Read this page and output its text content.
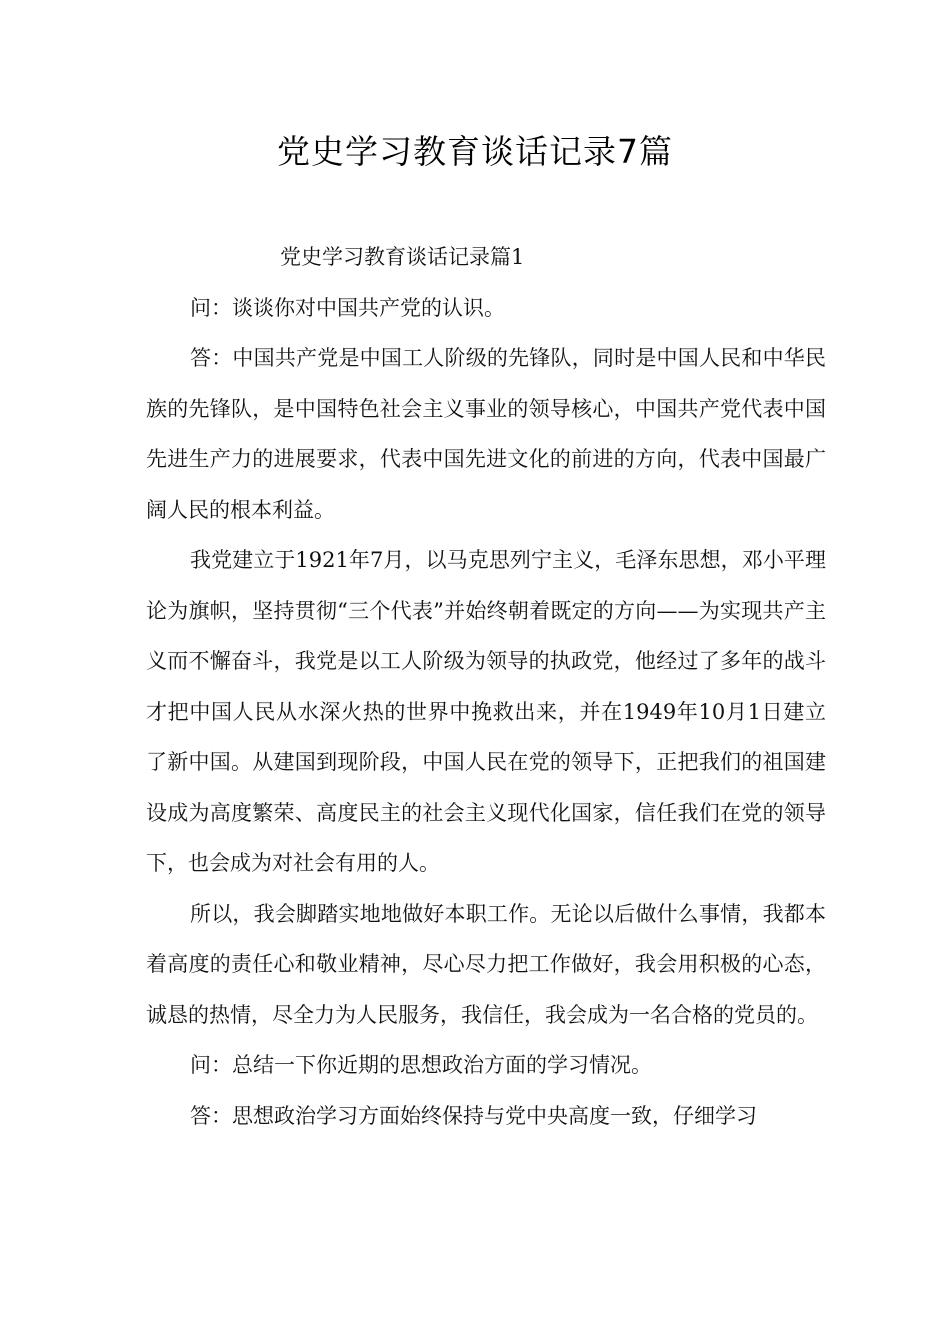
党史学习教育谈话记录7篇

党史学习教育谈话记录篇1

问：谈谈你对中国共产党的认识。

答：中国共产党是中国工人阶级的先锋队，同时是中国人民和中华民族的先锋队，是中国特色社会主义事业的领导核心，中国共产党代表中国先进生产力的进展要求，代表中国先进文化的前进的方向，代表中国最广阔人民的根本利益。

我党建立于1921年7月，以马克思列宁主义，毛泽东思想，邓小平理论为旗帜，坚持贯彻“三个代表”并始终朝着既定的方向——为实现共产主义而不懈奋斗，我党是以工人阶级为领导的执政党，他经过了多年的战斗才把中国人民从水深火热的世界中挽救出来，并在1949年10月1日建立了新中国。从建国到现阶段，中国人民在党的领导下，正把我们的祖国建设成为高度繁荣、高度民主的社会主义现代化国家，信任我们在党的领导下，也会成为对社会有用的人。

所以，我会脚踏实地地做好本职工作。无论以后做什么事情，我都本着高度的责任心和敬业精神，尽心尽力把工作做好，我会用积极的心态，诚恳的热情，尽全力为人民服务，我信任，我会成为一名合格的党员的。

问：总结一下你近期的思想政治方面的学习情况。

答：思想政治学习方面始终保持与党中央高度一致，仔细学习
